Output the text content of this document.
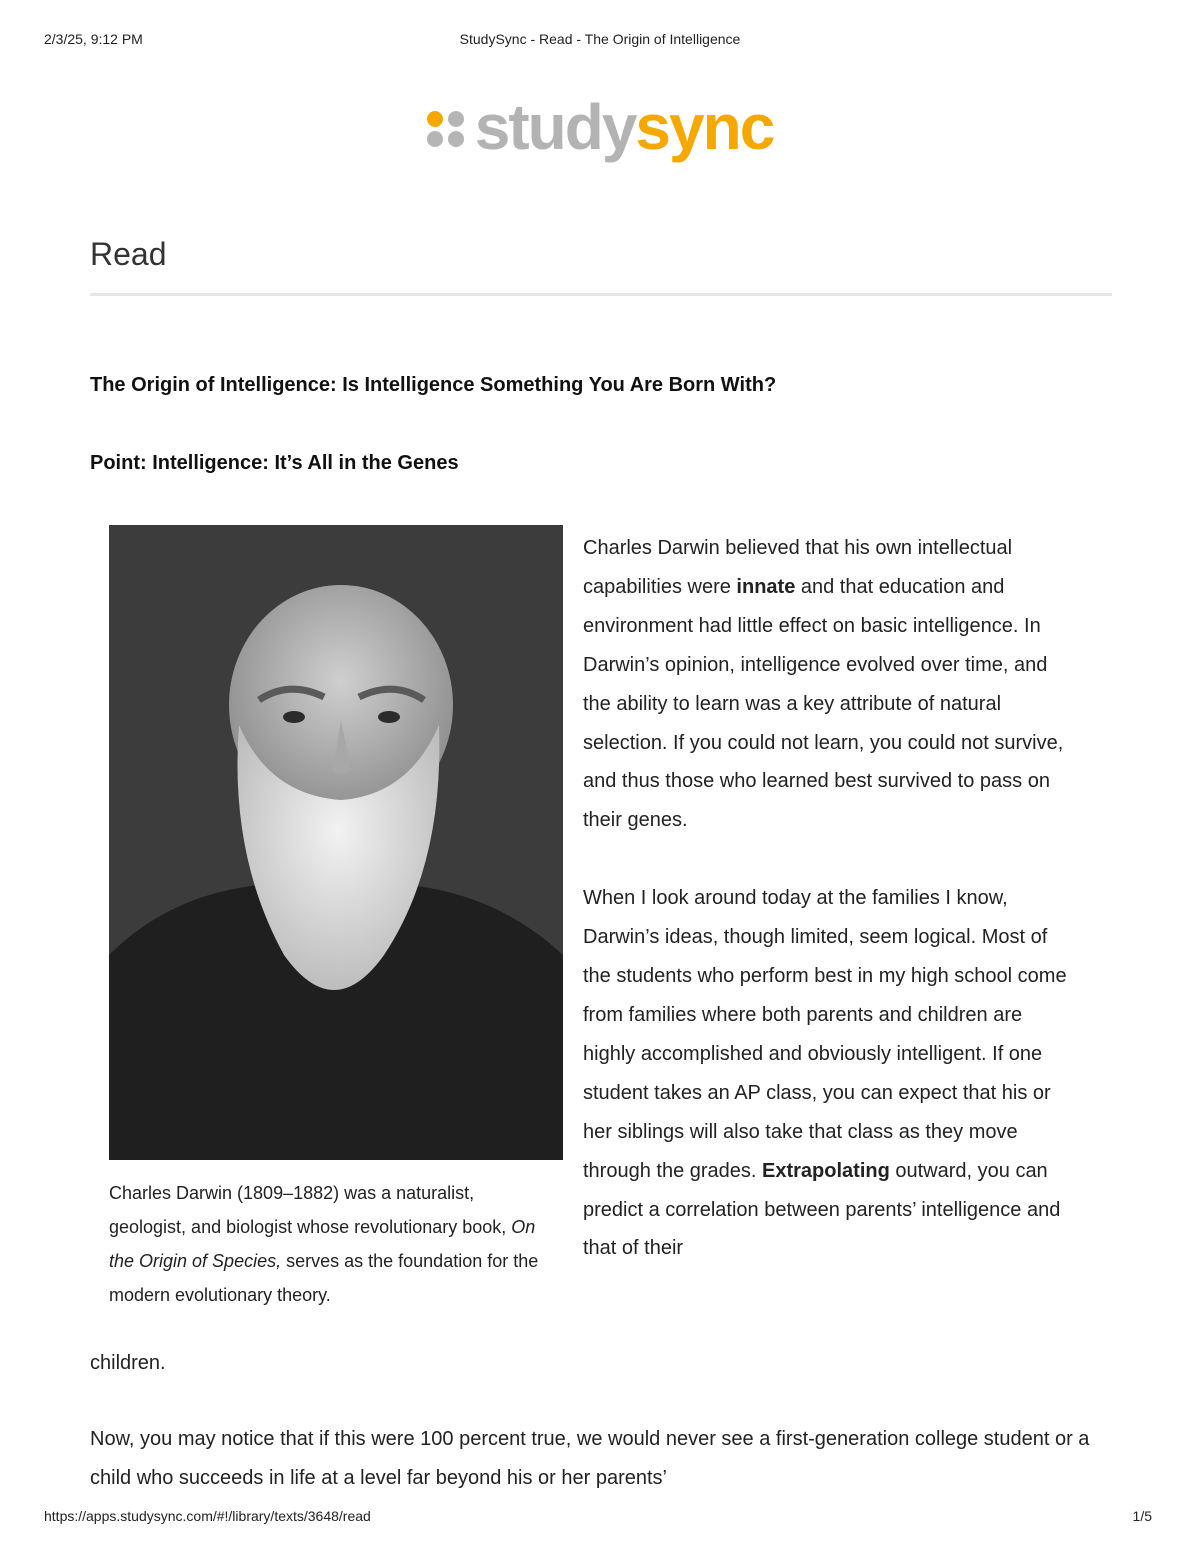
2/3/25, 9:12 PM	StudySync - Read - The Origin of Intelligence
studysync
Read
The Origin of Intelligence: Is Intelligence Something You Are Born With?
Point: Intelligence: It’s All in the Genes

Charles Darwin (1809–1882) was a naturalist, geologist, and biologist whose revolutionary book, On the Origin of Species, serves as the foundation for the modern evolutionary theory.

Charles Darwin believed that his own intellectual capabilities were innate and that education and environment had little effect on basic intelligence. In Darwin’s opinion, intelligence evolved over time, and the ability to learn was a key attribute of natural selection. If you could not learn, you could not survive, and thus those who learned best survived to pass on their genes.

When I look around today at the families I know, Darwin’s ideas, though limited, seem logical. Most of the students who perform best in my high school come from families where both parents and children are highly accomplished and obviously intelligent. If one student takes an AP class, you can expect that his or her siblings will also take that class as they move through the grades. Extrapolating outward, you can predict a correlation between parents’ intelligence and that of their

children.

Now, you may notice that if this were 100 percent true, we would never see a first-generation college student or a child who succeeds in life at a level far beyond his or her parents’

https://apps.studysync.com/#!/library/texts/3648/read	1/5
